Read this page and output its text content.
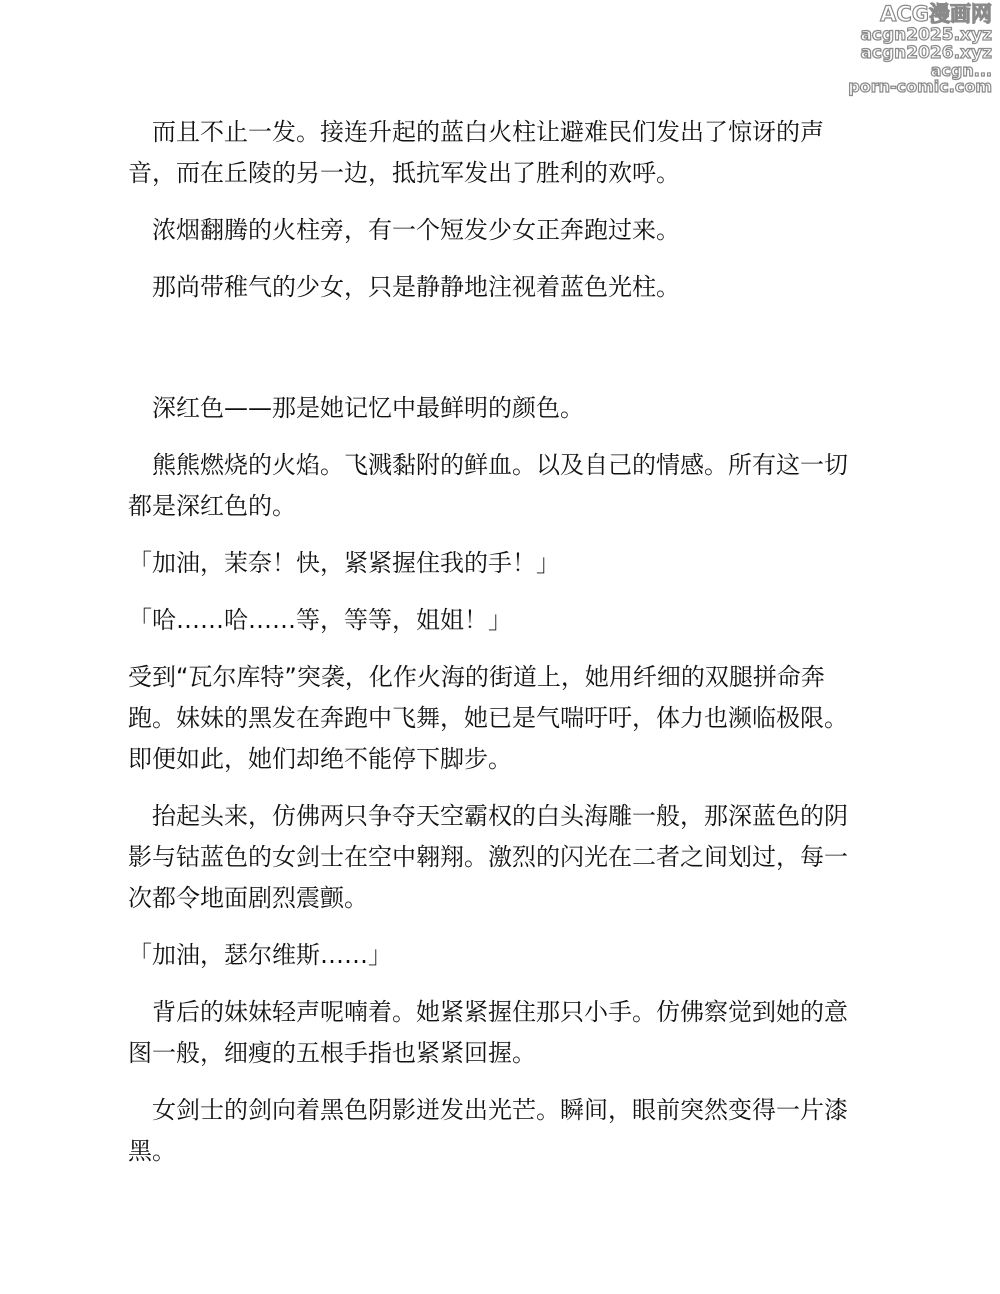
ACG漫画网
acgn2025.xyz
acgn2026.xyz
acgn...
porn-comic.com

　而且不止一发。接连升起的蓝白火柱让避难民们发出了惊讶的声音，而在丘陵的另一边，抵抗军发出了胜利的欢呼。

　浓烟翻腾的火柱旁，有一个短发少女正奔跑过来。

　那尚带稚气的少女，只是静静地注视着蓝色光柱。

　深红色——那是她记忆中最鲜明的颜色。

　熊熊燃烧的火焰。飞溅黏附的鲜血。以及自己的情感。所有这一切都是深红色的。

「加油，茉奈！快，紧紧握住我的手！」

「哈……哈……等，等等，姐姐！」

受到“瓦尔库特”突袭，化作火海的街道上，她用纤细的双腿拼命奔跑。妹妹的黑发在奔跑中飞舞，她已是气喘吁吁，体力也濒临极限。即便如此，她们却绝不能停下脚步。

　抬起头来，仿佛两只争夺天空霸权的白头海雕一般，那深蓝色的阴影与钴蓝色的女剑士在空中翱翔。激烈的闪光在二者之间划过，每一次都令地面剧烈震颤。

「加油，瑟尔维斯……」

　背后的妹妹轻声呢喃着。她紧紧握住那只小手。仿佛察觉到她的意图一般，细瘦的五根手指也紧紧回握。

　女剑士的剑向着黑色阴影迸发出光芒。瞬间，眼前突然变得一片漆黑。
